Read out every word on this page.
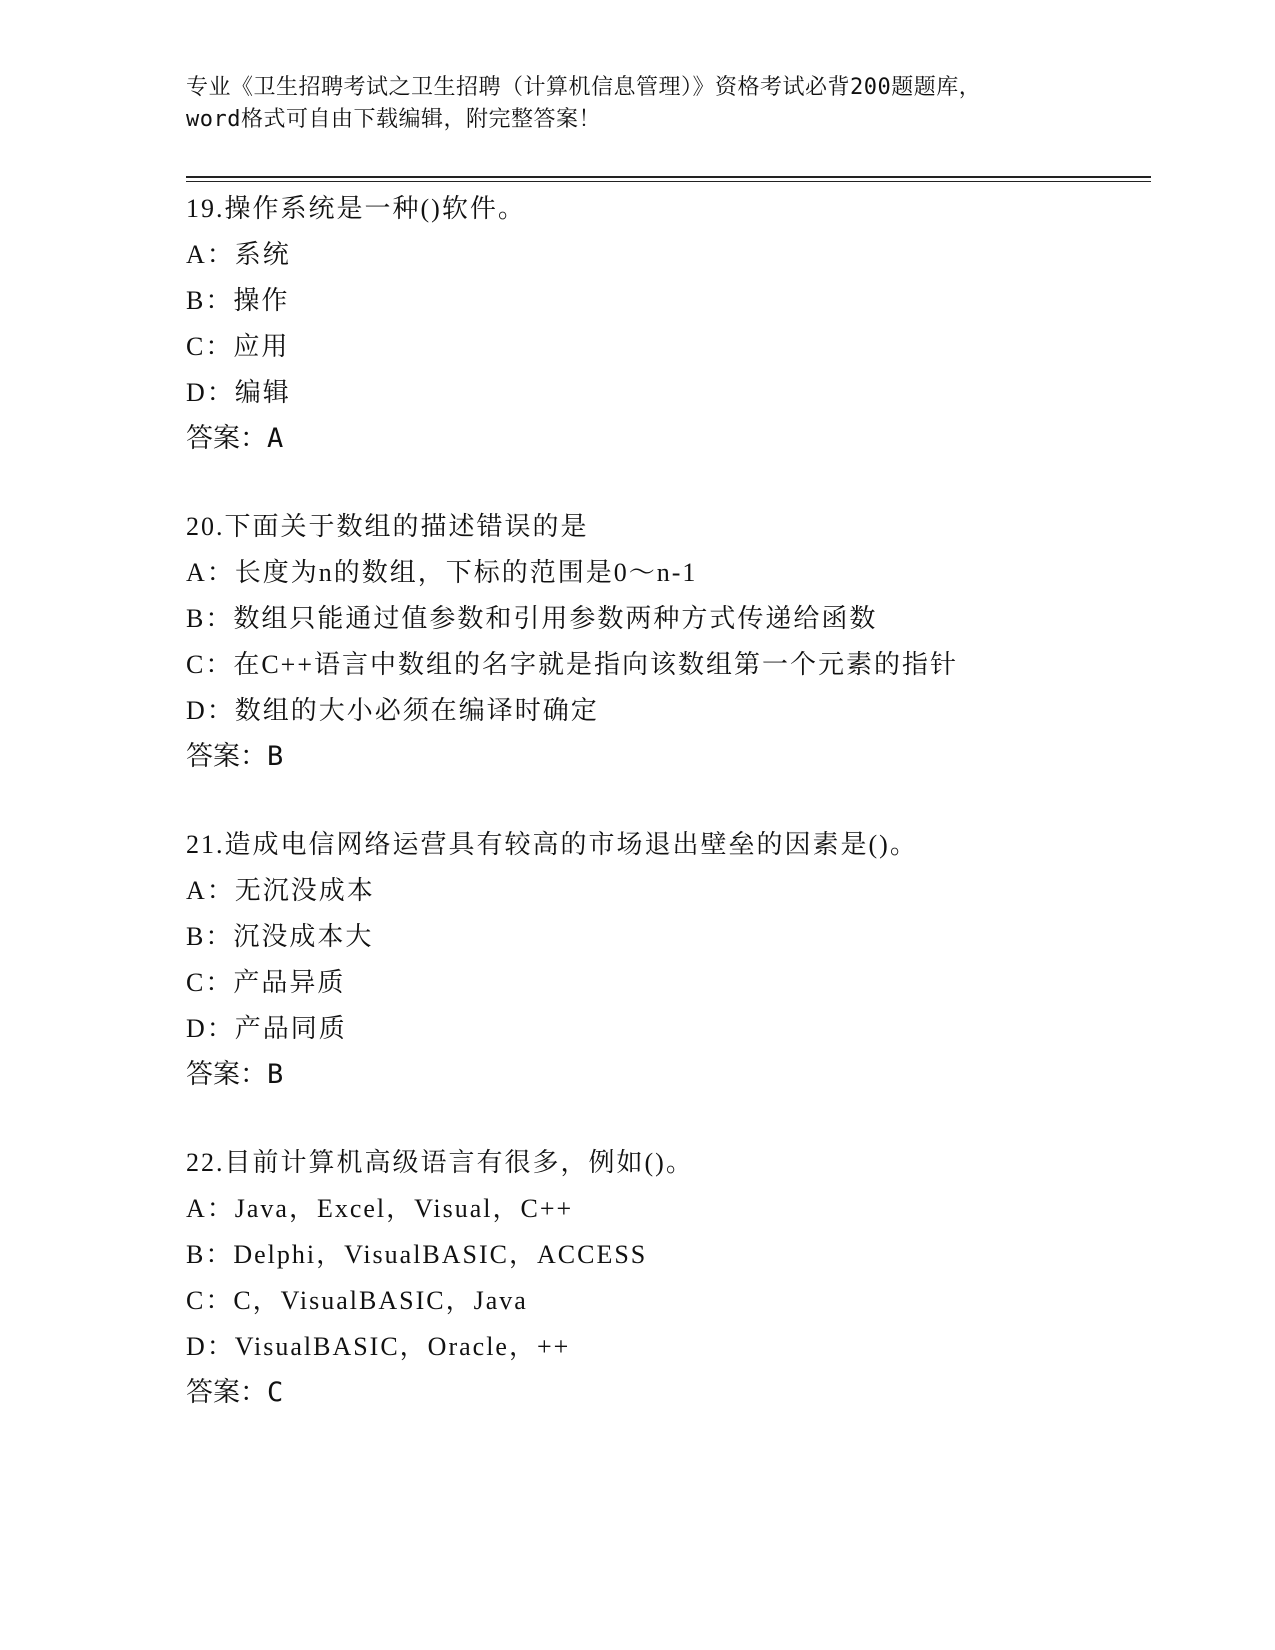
专业《卫生招聘考试之卫生招聘（计算机信息管理）》资格考试必背200题题库，
word格式可自由下载编辑，附完整答案！
19.操作系统是一种()软件。
A：系统
B：操作
C：应用
D：编辑
答案：A
20.下面关于数组的描述错误的是
A：长度为n的数组，下标的范围是0～n-1
B：数组只能通过值参数和引用参数两种方式传递给函数
C：在C++语言中数组的名字就是指向该数组第一个元素的指针
D：数组的大小必须在编译时确定
答案：B
21.造成电信网络运营具有较高的市场退出壁垒的因素是()。
A：无沉没成本
B：沉没成本大
C：产品异质
D：产品同质
答案：B
22.目前计算机高级语言有很多，例如()。
A：Java，Excel，Visual，C++
B：Delphi，VisualBASIC，ACCESS
C：C，VisualBASIC，Java
D：VisualBASIC，Oracle，++
答案：C
